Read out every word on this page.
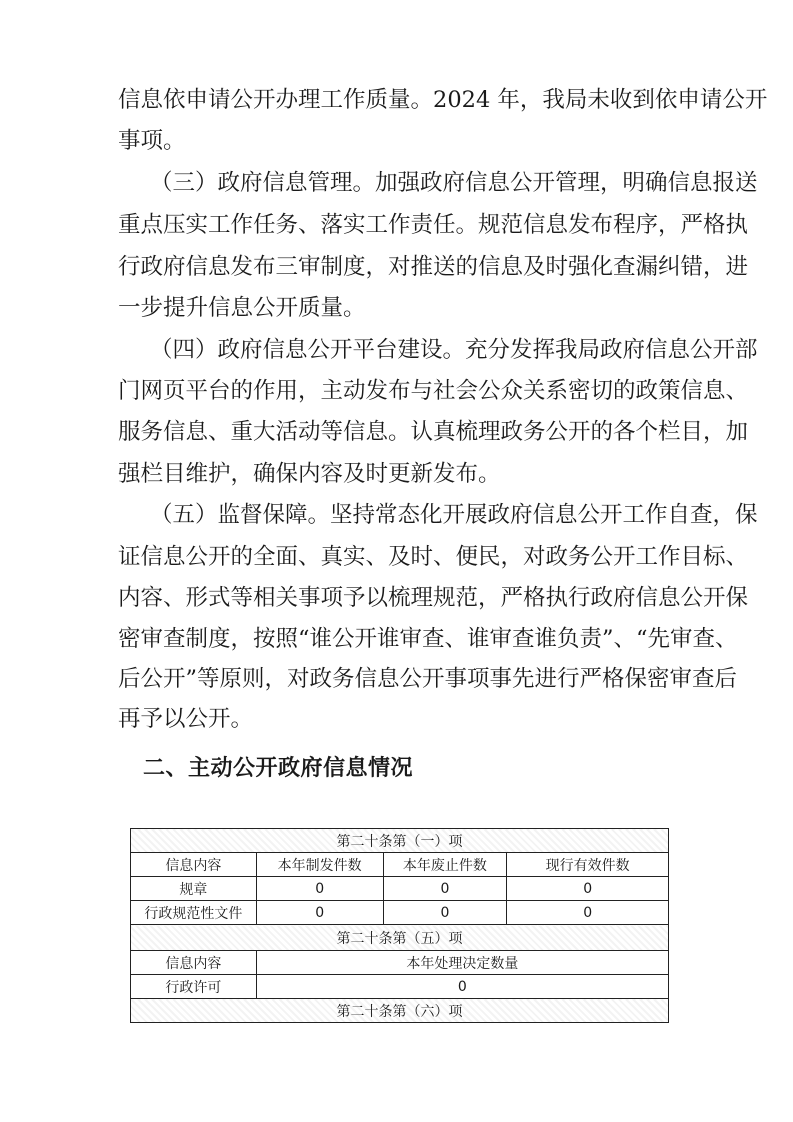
信息依申请公开办理工作质量。2024 年，我局未收到依申请公开
事项。
（三）政府信息管理。加强政府信息公开管理，明确信息报送
重点压实工作任务、落实工作责任。规范信息发布程序，严格执
行政府信息发布三审制度，对推送的信息及时强化查漏纠错，进
一步提升信息公开质量。
（四）政府信息公开平台建设。充分发挥我局政府信息公开部
门网页平台的作用，主动发布与社会公众关系密切的政策信息、
服务信息、重大活动等信息。认真梳理政务公开的各个栏目，加
强栏目维护，确保内容及时更新发布。
（五）监督保障。坚持常态化开展政府信息公开工作自查，保
证信息公开的全面、真实、及时、便民，对政务公开工作目标、
内容、形式等相关事项予以梳理规范，严格执行政府信息公开保
密审查制度，按照“谁公开谁审查、谁审查谁负责”、“先审查、
后公开”等原则，对政务信息公开事项事先进行严格保密审查后
再予以公开。
二、主动公开政府信息情况
第二十条第（一）项			
信息内容	本年制发件数	本年废止件数	现行有效件数
规章	0	0	0
行政规范性文件	0	0	0
第二十条第（五）项			
信息内容	本年处理决定数量		
行政许可	0		
第二十条第（六）项			
